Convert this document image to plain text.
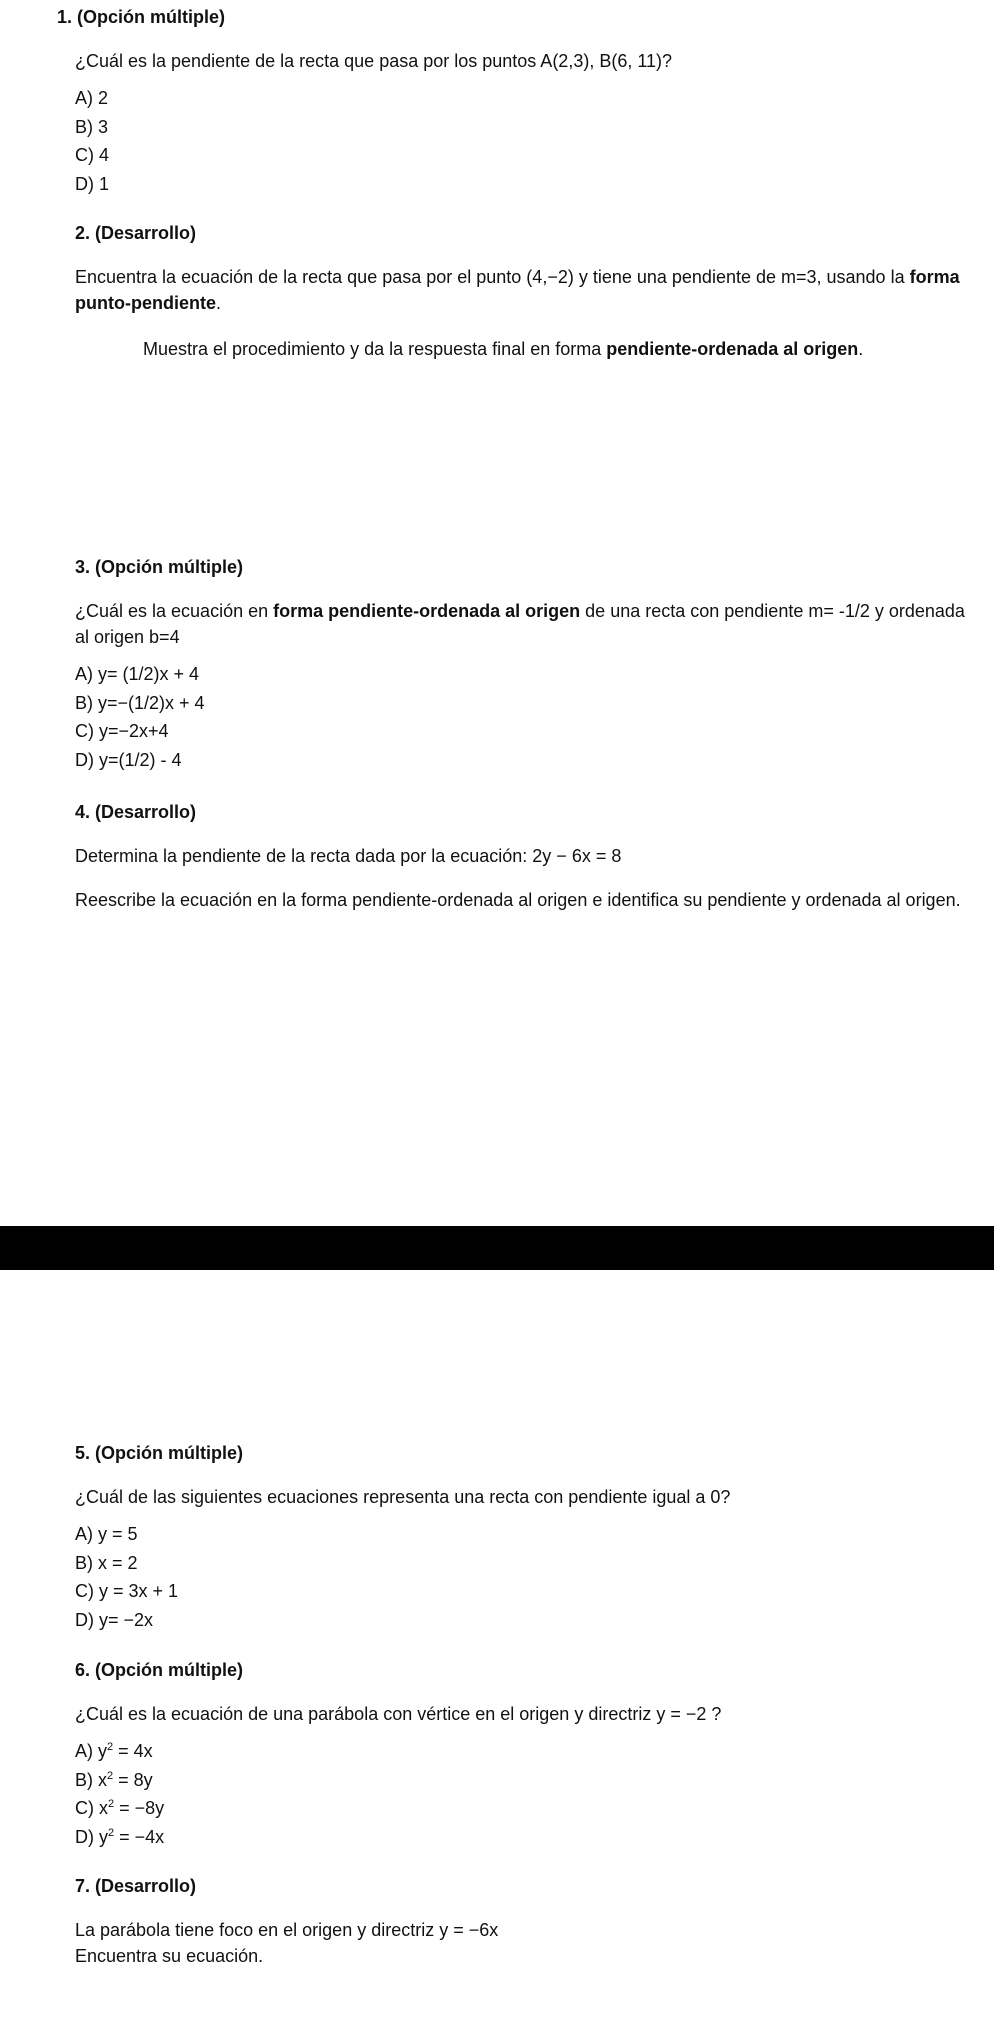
1. (Opción múltiple)
¿Cuál es la pendiente de la recta que pasa por los puntos A(2,3), B(6, 11)?
A) 2
B) 3
C) 4
D) 1
2. (Desarrollo)
Encuentra la ecuación de la recta que pasa por el punto (4,−2) y tiene una pendiente de m=3, usando la forma punto-pendiente.
Muestra el procedimiento y da la respuesta final en forma pendiente-ordenada al origen.
3. (Opción múltiple)
¿Cuál es la ecuación en forma pendiente-ordenada al origen de una recta con pendiente m= -1/2 y ordenada al origen b=4
A) y= (1/2)x + 4
B) y=−(1/2)x + 4
C) y=−2x+4
D) y=(1/2) - 4
4. (Desarrollo)
Determina la pendiente de la recta dada por la ecuación: 2y − 6x = 8
Reescribe la ecuación en la forma pendiente-ordenada al origen e identifica su pendiente y ordenada al origen.
5. (Opción múltiple)
¿Cuál de las siguientes ecuaciones representa una recta con pendiente igual a 0?
A) y = 5
B) x = 2
C) y = 3x + 1
D) y= −2x
6. (Opción múltiple)
¿Cuál es la ecuación de una parábola con vértice en el origen y directriz y = −2 ?
A) $y^2 = 4x$
B) $x^2 = 8y$
C) $x^2 = -8y$
D) $y^2 = -4x$
7. (Desarrollo)
La parábola tiene foco en el origen y directriz y = −6x
Encuentra su ecuación.
